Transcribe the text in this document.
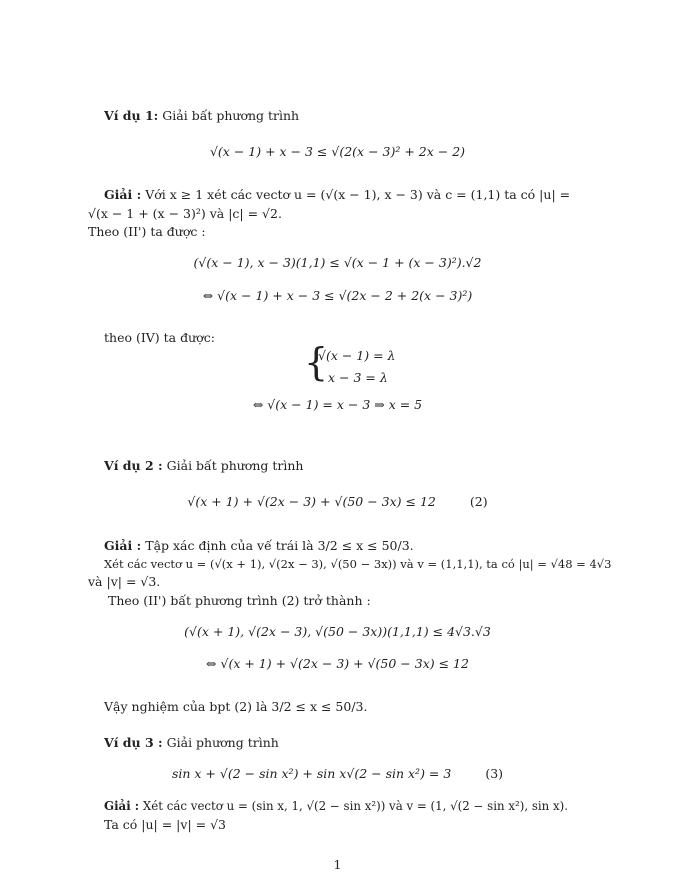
Ví dụ 1: Giải bất phương trình
√(x − 1) + x − 3 ≤ √(2(x − 3)² + 2x − 2)
Giải : Với x ≥ 1 xét các vectơ u = (√(x − 1), x − 3) và c = (1,1) ta có |u| =
√(x − 1 + (x − 3)²) và |c| = √2.
Theo (II') ta được :
(√(x − 1), x − 3)(1,1) ≤ √(x − 1 + (x − 3)²).√2
⇔ √(x − 1) + x − 3 ≤ √(2x − 2 + 2(x − 3)²)
theo (IV) ta được:
{
√(x − 1) = λ
x − 3 = λ
⇔ √(x − 1) = x − 3 ⇒ x = 5
Ví dụ 2 : Giải bất phương trình
√(x + 1) + √(2x − 3) + √(50 − 3x) ≤ 12	(2)
Giải : Tập xác định của vế trái là 3/2 ≤ x ≤ 50/3.
Xét các vectơ u = (√(x + 1), √(2x − 3), √(50 − 3x)) và v = (1,1,1), ta có |u| = √48 = 4√3
và |v| = √3.
Theo (II') bất phương trình (2) trở thành :
(√(x + 1), √(2x − 3), √(50 − 3x))(1,1,1) ≤ 4√3.√3
⇔ √(x + 1) + √(2x − 3) + √(50 − 3x) ≤ 12
Vậy nghiệm của bpt (2) là 3/2 ≤ x ≤ 50/3.
Ví dụ 3 : Giải phương trình
sin x + √(2 − sin x²) + sin x√(2 − sin x²) = 3	(3)
Giải : Xét các vectơ u = (sin x, 1, √(2 − sin x²)) và v = (1, √(2 − sin x²), sin x).
Ta có |u| = |v| = √3
1
